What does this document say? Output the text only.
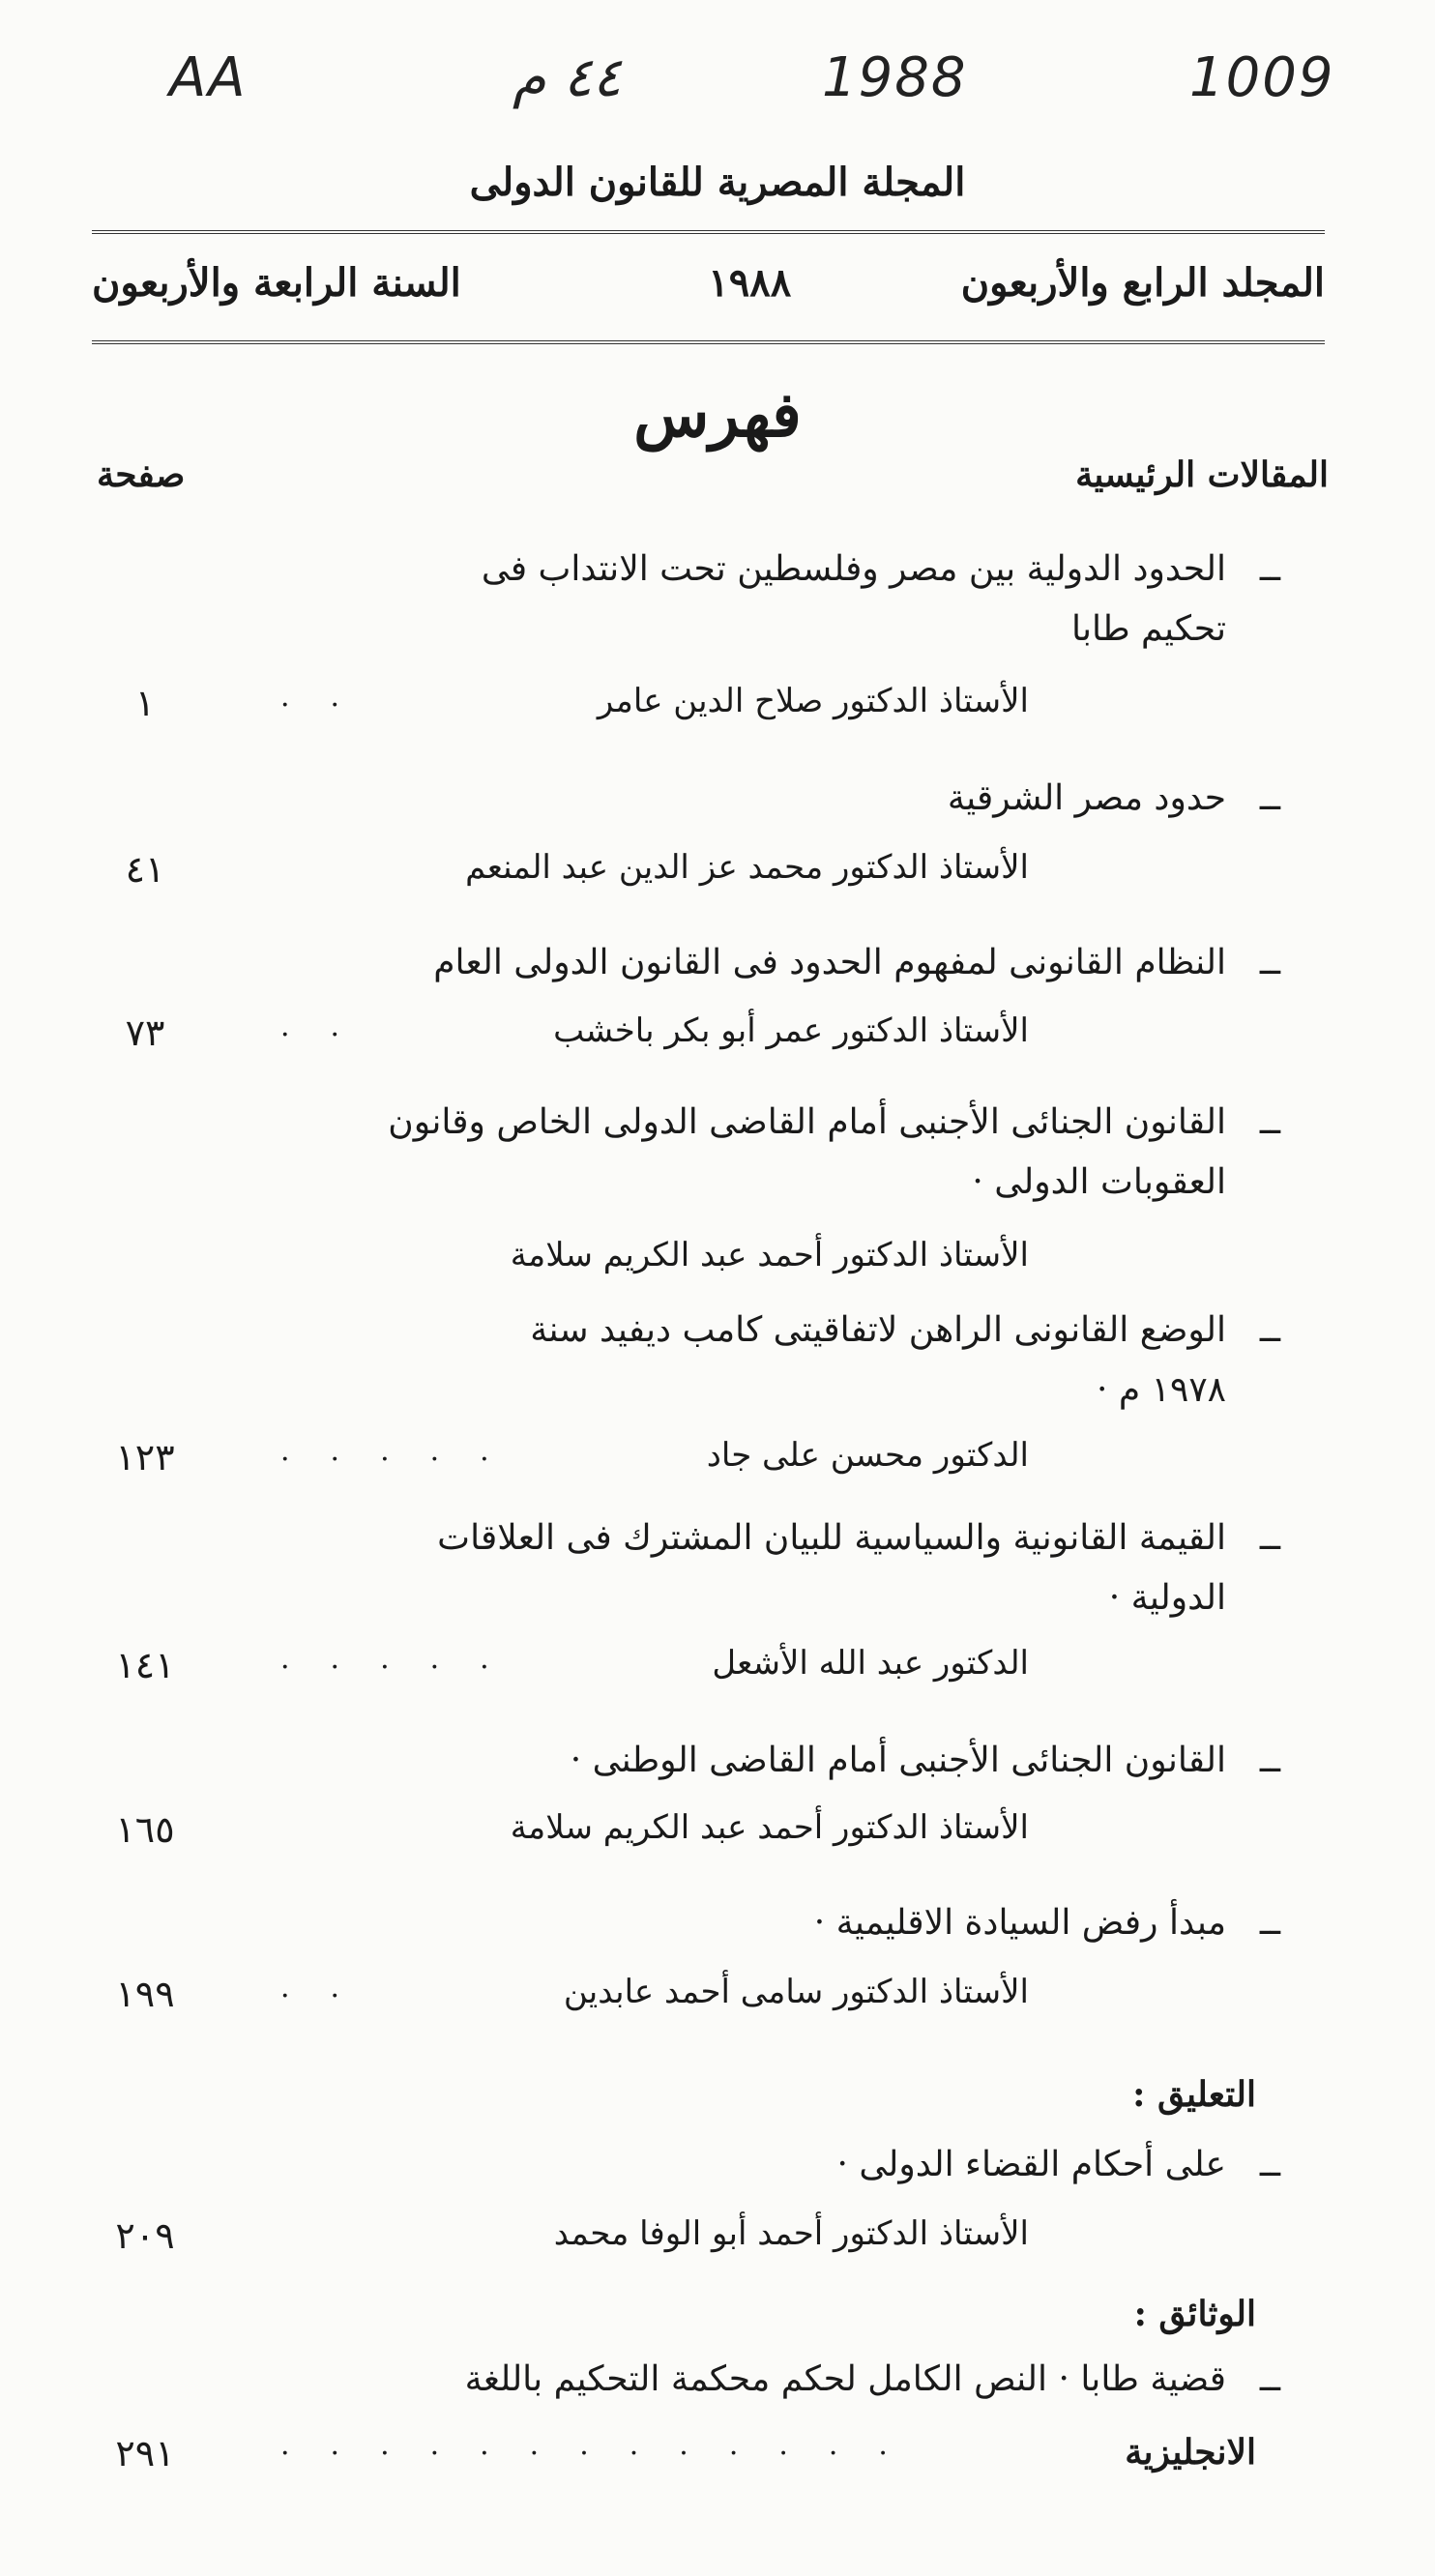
AA	٤٤ م	1988	1009
المجلة المصرية للقانون الدولى
المجلد الرابع والأربعون
١٩٨٨
السنة الرابعة والأربعون
فهرس
المقالات الرئيسية
صفحة
ــالحدود الدولية بين مصر وفلسطين تحت الانتداب فى
تحكيم طابا
الأستاذ الدكتور صلاح الدين عامر
··
١
ــحدود مصر الشرقية
الأستاذ الدكتور محمد عز الدين عبد المنعم
٤١
ــالنظام القانونى لمفهوم الحدود فى القانون الدولى العام
الأستاذ الدكتور عمر أبو بكر باخشب
··
٧٣
ــالقانون الجنائى الأجنبى أمام القاضى الدولى الخاص وقانون
العقوبات الدولى ·
الأستاذ الدكتور أحمد عبد الكريم سلامة
ــالوضع القانونى الراهن لاتفاقيتى كامب ديفيد سنة
١٩٧٨ م ·
الدكتور محسن على جاد
·····
١٢٣
ــالقيمة القانونية والسياسية للبيان المشترك فى العلاقات
الدولية ·
الدكتور عبد الله الأشعل
·····
١٤١
ــالقانون الجنائى الأجنبى أمام القاضى الوطنى ·
الأستاذ الدكتور أحمد عبد الكريم سلامة
١٦٥
ــمبدأ رفض السيادة الاقليمية ·
الأستاذ الدكتور سامى أحمد عابدين
··
١٩٩
التعليق :
ــعلى أحكام القضاء الدولى ·
الأستاذ الدكتور أحمد أبو الوفا محمد
٢٠٩
الوثائق :
ــقضية طابا · النص الكامل لحكم محكمة التحكيم باللغة
الانجليزية
·············
٢٩١
